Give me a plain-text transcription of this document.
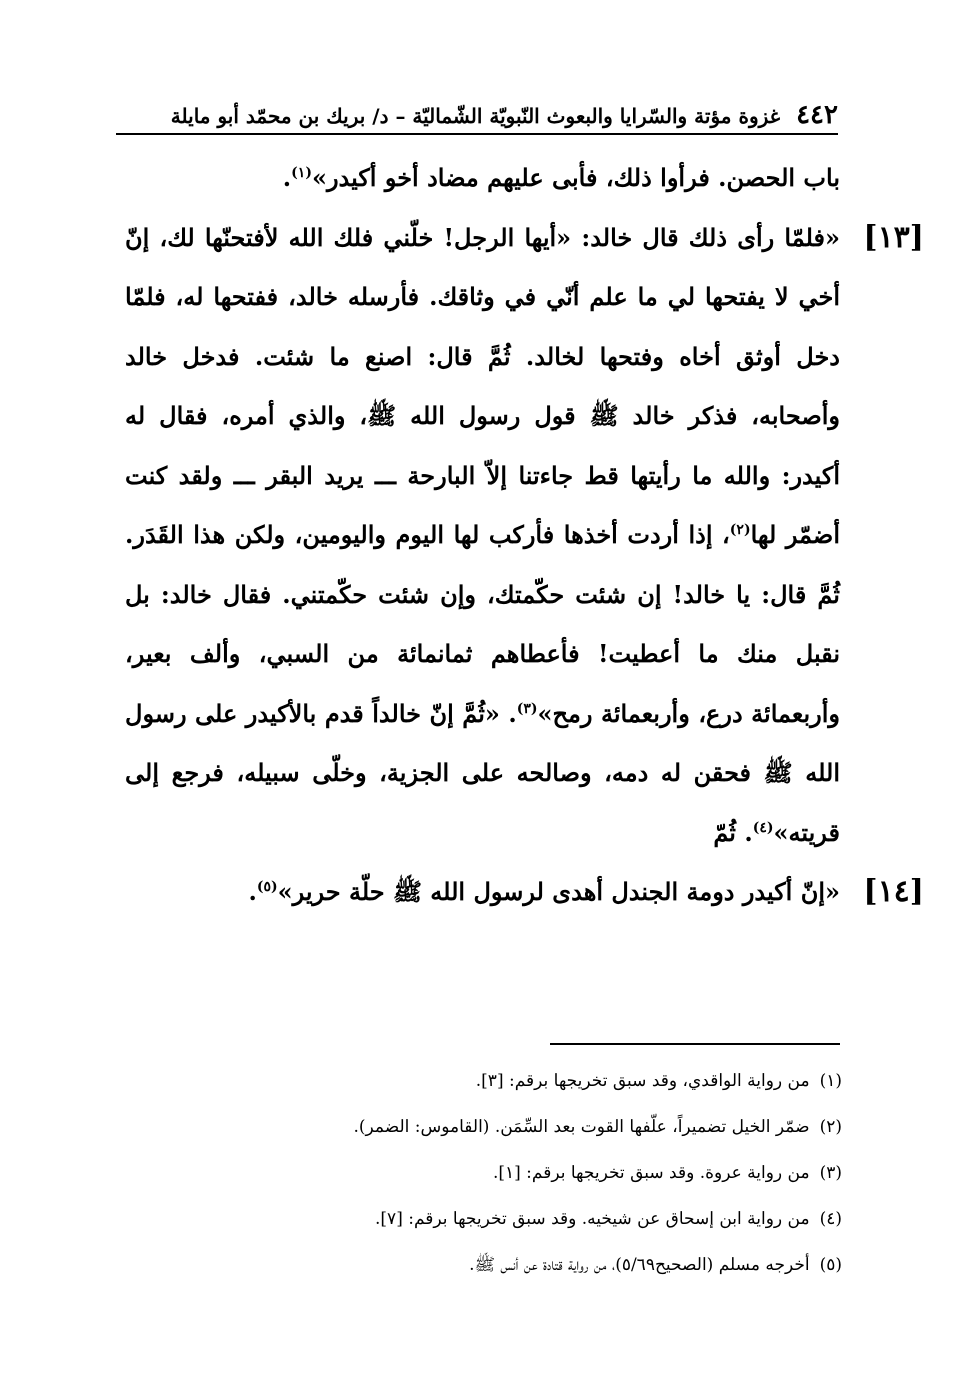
٤٤٢
غزوة مؤتة والسّرايا والبعوث النّبويّة الشّماليّة – د/ بريك بن محمّد أبو مايلة

باب الحصن. فرأوا ذلك، فأبى عليهم مضاد أخو أكيدر»$^{(١)}$.

[١٣]
«فلمّا رأى ذلك قال خالد: «أيها الرجل! خلّني فلك الله لأفتحنّها لك، إنّ أخي لا يفتحها لي ما علم أنّي في وثاقك. فأرسله خالد، ففتحها له، فلمّا دخل أوثق أخاه وفتحها لخالد. ثُمَّ قال: اصنع ما شئت. فدخل خالد وأصحابه، فذكر خالد ﷺ قول رسول الله ﷺ، والذي أمره، فقال له أكيدر: والله ما رأيتها قط جاءتنا إلاّ البارحة ـــ يريد البقر ـــ ولقد كنت أضمّر لها$^{(٢)}$، إذا أردت أخذها فأركب لها اليوم واليومين، ولكن هذا القَدَر. ثُمَّ قال: يا خالد! إن شئت حكّمتك، وإن شئت حكّمتني. فقال خالد: بل نقبل منك ما أعطيت! فأعطاهم ثمانمائة من السبي، وألف بعير، وأربعمائة درع، وأربعمائة رمح»$^{(٣)}$. «ثُمَّ إنّ خالداً قدم بالأكيدر على رسول الله ﷺ فحقن له دمه، وصالحه على الجزية، وخلّى سبيله، فرجع إلى قريته»$^{(٤)}$. ثُمّ

[١٤]
«إنّ أكيدر دومة الجندل أهدى لرسول الله ﷺ حلّة حرير»$^{(٥)}$.

(١)
من رواية الواقدي، وقد سبق تخريجها برقم: [٣].
(٢)
ضمّر الخيل تضميراً، علّفها القوت بعد السِّمَن. (القاموس: الضمر).
(٣)
من رواية عروة. وقد سبق تخريجها برقم: [١].
(٤)
من رواية ابن إسحاق عن شيخيه. وقد سبق تخريجها برقم: [٧].
(٥)
أخرجه مسلم (الصحيح٥/٦٩)، من رواية قتادة عن أنس ﷺ.
